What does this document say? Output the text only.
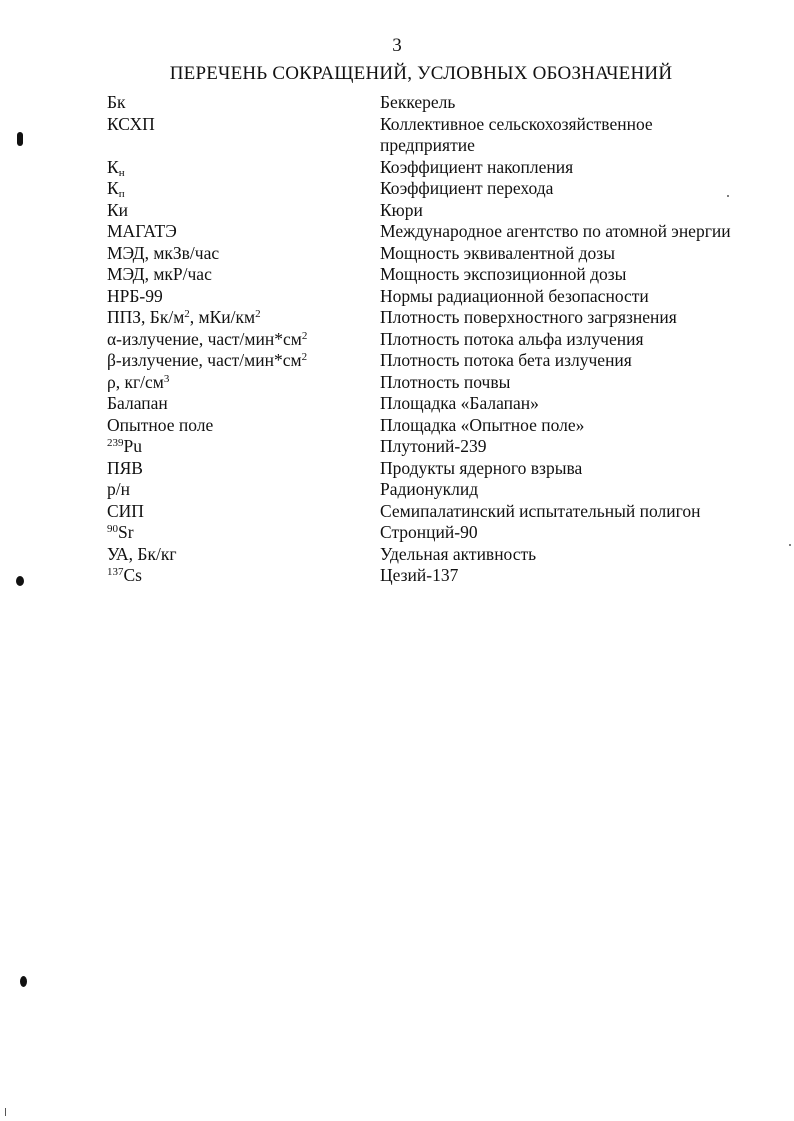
3
ПЕРЕЧЕНЬ СОКРАЩЕНИЙ, УСЛОВНЫХ ОБОЗНАЧЕНИЙ
Бк	Беккерель
КСХП	Коллективное сельскохозяйственное предприятие
$К_н$	Коэффициент накопления
$К_п$	Коэффициент перехода
Ки	Кюри
МАГАТЭ	Международное агентство по атомной энергии
МЭД, мкЗв/час	Мощность эквивалентной дозы
МЭД, мкР/час	Мощность экспозиционной дозы
НРБ-99	Нормы радиационной безопасности
ППЗ, $Бк/м^2$, мКи/$км^2$	Плотность поверхностного загрязнения
α-излучение, част/$мин*см^2$	Плотность потока альфа излучения
β-излучение, част/$мин*см^2$	Плотность потока бета излучения
ρ, $кг/см^3$	Плотность почвы
Балапан	Площадка «Балапан»
Опытное поле	Площадка «Опытное поле»
$^{239}$Pu	Плутоний-239
ПЯВ	Продукты ядерного взрыва
р/н	Радионуклид
СИП	Семипалатинский испытательный полигон
$^{90}$Sr	Стронций-90
УА, Бк/кг	Удельная активность
$^{137}$Cs	Цезий-137
